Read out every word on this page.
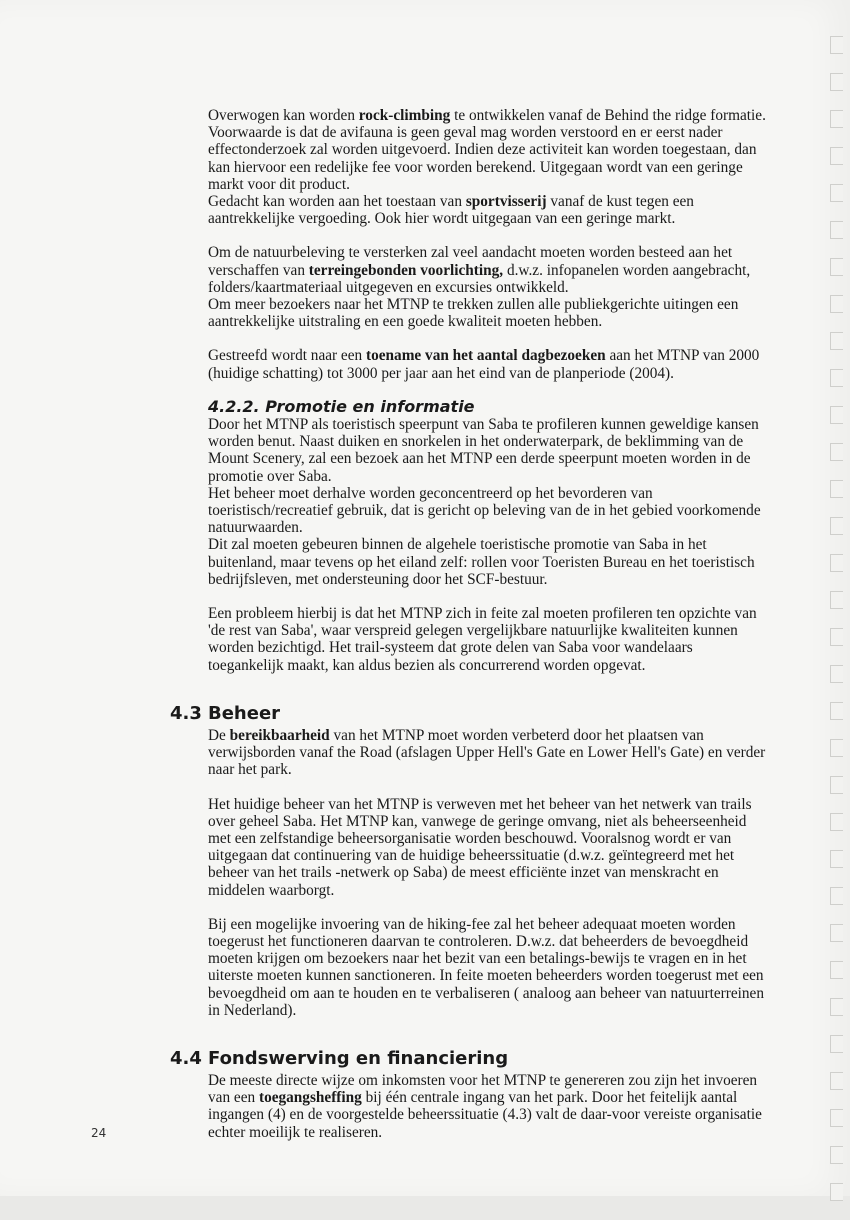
Overwogen kan worden rock-climbing te ontwikkelen vanaf de Behind the ridge formatie. Voorwaarde is dat de avifauna is geen geval mag worden verstoord en er eerst nader effectonderzoek zal worden uitgevoerd. Indien deze activiteit kan worden toegestaan, dan kan hiervoor een redelijke fee voor worden berekend. Uitgegaan wordt van een geringe markt voor dit product.

Gedacht kan worden aan het toestaan van sportvisserij vanaf de kust tegen een aantrekkelijke vergoeding. Ook hier wordt uitgegaan van een geringe markt.

Om de natuurbeleving te versterken zal veel aandacht moeten worden besteed aan het verschaffen van terreingebonden voorlichting, d.w.z. infopanelen worden aangebracht, folders/kaartmateriaal uitgegeven en excursies ontwikkeld.

Om meer bezoekers naar het MTNP te trekken zullen alle publiekgerichte uitingen een aantrekkelijke uitstraling en een goede kwaliteit moeten hebben.

Gestreefd wordt naar een toename van het aantal dagbezoeken aan het MTNP van 2000 (huidige schatting) tot 3000 per jaar aan het eind van de planperiode (2004).

4.2.2. Promotie en informatie

Door het MTNP als toeristisch speerpunt van Saba te profileren kunnen geweldige kansen worden benut. Naast duiken en snorkelen in het onderwaterpark, de beklimming van de Mount Scenery, zal een bezoek aan het MTNP een derde speerpunt moeten worden in de promotie over Saba.

Het beheer moet derhalve worden geconcentreerd op het bevorderen van toeristisch/recreatief gebruik, dat is gericht op beleving van de in het gebied voorkomende natuurwaarden.

Dit zal moeten gebeuren binnen de algehele toeristische promotie van Saba in het buitenland, maar tevens op het eiland zelf: rollen voor Toeristen Bureau en het toeristisch bedrijfsleven, met ondersteuning door het SCF-bestuur.

Een probleem hierbij is dat het MTNP zich in feite zal moeten profileren ten opzichte van 'de rest van Saba', waar verspreid gelegen vergelijkbare natuurlijke kwaliteiten kunnen worden bezichtigd. Het trail-systeem dat grote delen van Saba voor wandelaars toegankelijk maakt, kan aldus bezien als concurrerend worden opgevat.

4.3 Beheer

De bereikbaarheid van het MTNP moet worden verbeterd door het plaatsen van verwijsborden vanaf the Road (afslagen Upper Hell's Gate en Lower Hell's Gate) en verder naar het park.

Het huidige beheer van het MTNP is verweven met het beheer van het netwerk van trails over geheel Saba. Het MTNP kan, vanwege de geringe omvang, niet als beheerseenheid met een zelfstandige beheersorganisatie worden beschouwd. Vooralsnog wordt er van uitgegaan dat continuering van de huidige beheerssituatie (d.w.z. geïntegreerd met het beheer van het trails -netwerk op Saba) de meest efficiënte inzet van menskracht en middelen waarborgt.

Bij een mogelijke invoering van de hiking-fee zal het beheer adequaat moeten worden toegerust het functioneren daarvan te controleren. D.w.z. dat beheerders de bevoegdheid moeten krijgen om bezoekers naar het bezit van een betalings-bewijs te vragen en in het uiterste moeten kunnen sanctioneren. In feite moeten beheerders worden toegerust met een bevoegdheid om aan te houden en te verbaliseren ( analoog aan beheer van natuurterreinen in Nederland).

4.4 Fondswerving en financiering

De meeste directe wijze om inkomsten voor het MTNP te genereren zou zijn het invoeren van een toegangsheffing bij één centrale ingang van het park. Door het feitelijk aantal ingangen (4) en de voorgestelde beheerssituatie (4.3) valt de daar-voor vereiste organisatie echter moeilijk te realiseren.

24
